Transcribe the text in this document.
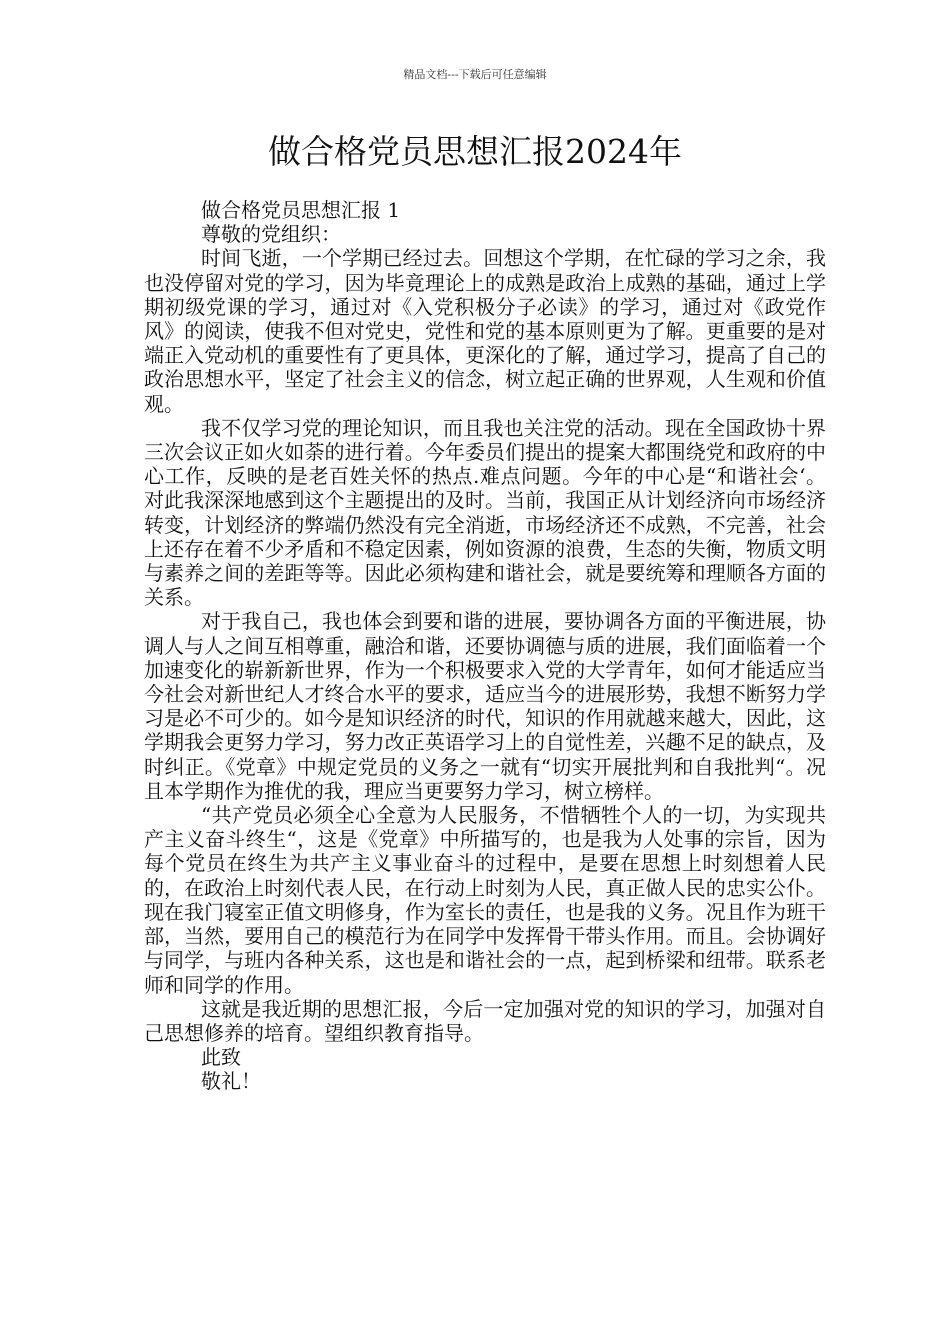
精品文档---下载后可任意编辑
做合格党员思想汇报2024年
做合格党员思想汇报 1
尊敬的党组织：

时间飞逝，一个学期已经过去。回想这个学期，在忙碌的学习之余，我也没停留对党的学习，因为毕竟理论上的成熟是政治上成熟的基础，通过上学期初级党课的学习，通过对《入党积极分子必读》的学习，通过对《政党作风》的阅读，使我不但对党史，党性和党的基本原则更为了解。更重要的是对端正入党动机的重要性有了更具体，更深化的了解，通过学习，提高了自己的政治思想水平，坚定了社会主义的信念，树立起正确的世界观，人生观和价值观。

我不仅学习党的理论知识，而且我也关注党的活动。现在全国政协十界三次会议正如火如荼的进行着。今年委员们提出的提案大都围绕党和政府的中心工作，反映的是老百姓关怀的热点.难点问题。今年的中心是“和谐社会‘。对此我深深地感到这个主题提出的及时。当前，我国正从计划经济向市场经济转变，计划经济的弊端仍然没有完全消逝，市场经济还不成熟，不完善，社会上还存在着不少矛盾和不稳定因素，例如资源的浪费，生态的失衡，物质文明与素养之间的差距等等。因此必须构建和谐社会，就是要统筹和理顺各方面的关系。

对于我自己，我也体会到要和谐的进展，要协调各方面的平衡进展，协调人与人之间互相尊重，融洽和谐，还要协调德与质的进展，我们面临着一个加速变化的崭新新世界，作为一个积极要求入党的大学青年，如何才能适应当今社会对新世纪人才终合水平的要求，适应当今的进展形势，我想不断努力学习是必不可少的。如今是知识经济的时代，知识的作用就越来越大，因此，这学期我会更努力学习，努力改正英语学习上的自觉性差，兴趣不足的缺点，及时纠正。《党章》中规定党员的义务之一就有“切实开展批判和自我批判“。况且本学期作为推优的我，理应当更要努力学习，树立榜样。

“共产党员必须全心全意为人民服务，不惜牺牲个人的一切，为实现共产主义奋斗终生“，这是《党章》中所描写的，也是我为人处事的宗旨，因为每个党员在终生为共产主义事业奋斗的过程中，是要在思想上时刻想着人民的，在政治上时刻代表人民，在行动上时刻为人民，真正做人民的忠实公仆。现在我门寝室正值文明修身，作为室长的责任，也是我的义务。况且作为班干部，当然，要用自己的模范行为在同学中发挥骨干带头作用。而且。会协调好与同学，与班内各种关系，这也是和谐社会的一点，起到桥梁和纽带。联系老师和同学的作用。

这就是我近期的思想汇报，今后一定加强对党的知识的学习，加强对自己思想修养的培育。望组织教育指导。

此致
敬礼！
